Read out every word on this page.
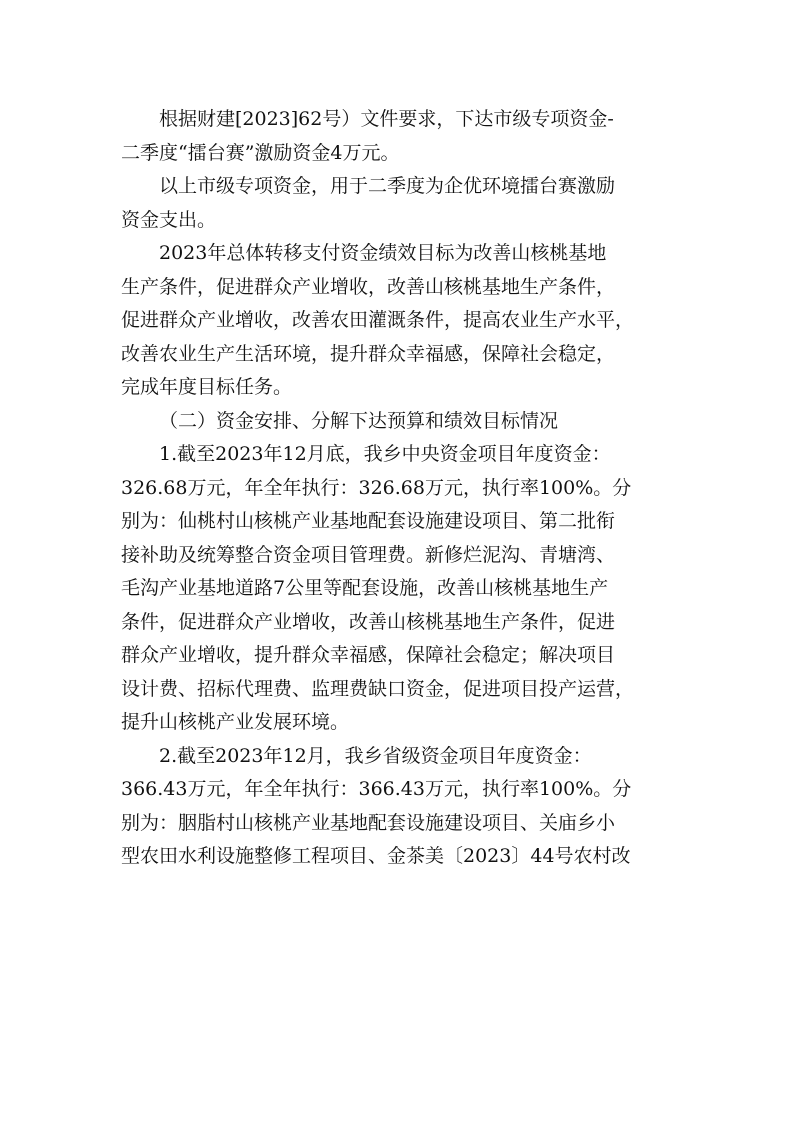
根据财建[2023]62号）文件要求，下达市级专项资金-
二季度“擂台赛”激励资金4万元。
以上市级专项资金，用于二季度为企优环境擂台赛激励
资金支出。
2023年总体转移支付资金绩效目标为改善山核桃基地
生产条件，促进群众产业增收，改善山核桃基地生产条件，
促进群众产业增收，改善农田灌溉条件，提高农业生产水平，
改善农业生产生活环境，提升群众幸福感，保障社会稳定，
完成年度目标任务。
（二）资金安排、分解下达预算和绩效目标情况
1.截至2023年12月底，我乡中央资金项目年度资金：
326.68万元，年全年执行：326.68万元，执行率100%。分
别为：仙桃村山核桃产业基地配套设施建设项目、第二批衔
接补助及统筹整合资金项目管理费。新修烂泥沟、青塘湾、
毛沟产业基地道路7公里等配套设施，改善山核桃基地生产
条件，促进群众产业增收，改善山核桃基地生产条件，促进
群众产业增收，提升群众幸福感，保障社会稳定；解决项目
设计费、招标代理费、监理费缺口资金，促进项目投产运营，
提升山核桃产业发展环境。
2.截至2023年12月，我乡省级资金项目年度资金：
366.43万元，年全年执行：366.43万元，执行率100%。分
别为：胭脂村山核桃产业基地配套设施建设项目、关庙乡小
型农田水利设施整修工程项目、金茶美〔2023〕44号农村改
